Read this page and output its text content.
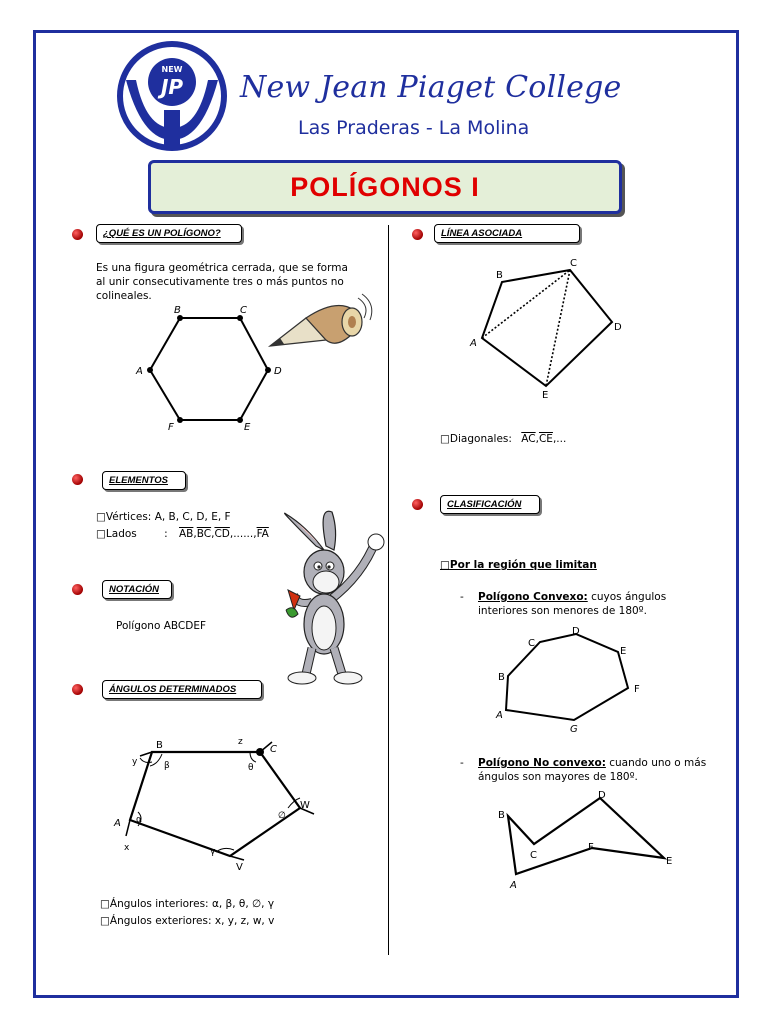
NEW
JP New Jean Piaget College
Las Praderas - La Molina
POLÍGONOS I
¿QUÉ ES UN POLÍGONO?
Es una figura geométrica cerrada, que se forma
al unir consecutivamente tres o más puntos no
colineales.
A
B	C
D
E
F
ELEMENTOS
□Vértices: A, B, C, D, E, F
□Lados	: $\overline{AB},\overline{BC},\overline{CD},......,\overline{FA}$
NOTACIÓN
Polígono ABCDEF
ÁNGULOS DETERMINADOS
A
B	C
W
V
α
β	θ
∅
γ
x
y
z
□Ángulos interiores: α, β, θ, ∅, γ
□Ángulos exteriores: x, y, z, w, v
LÍNEA ASOCIADA
A
B
C
D
E
□Diagonales: $\overline{AC},\overline{CE}$,...
CLASIFICACIÓN
□Por la región que limitan
- Polígono Convexo: cuyos ángulos
interiores son menores de 180º.
A
B
C
D
E
F
G
- Polígono No convexo: cuando uno o más
ángulos son mayores de 180º.
A
B
C
D
E
F
